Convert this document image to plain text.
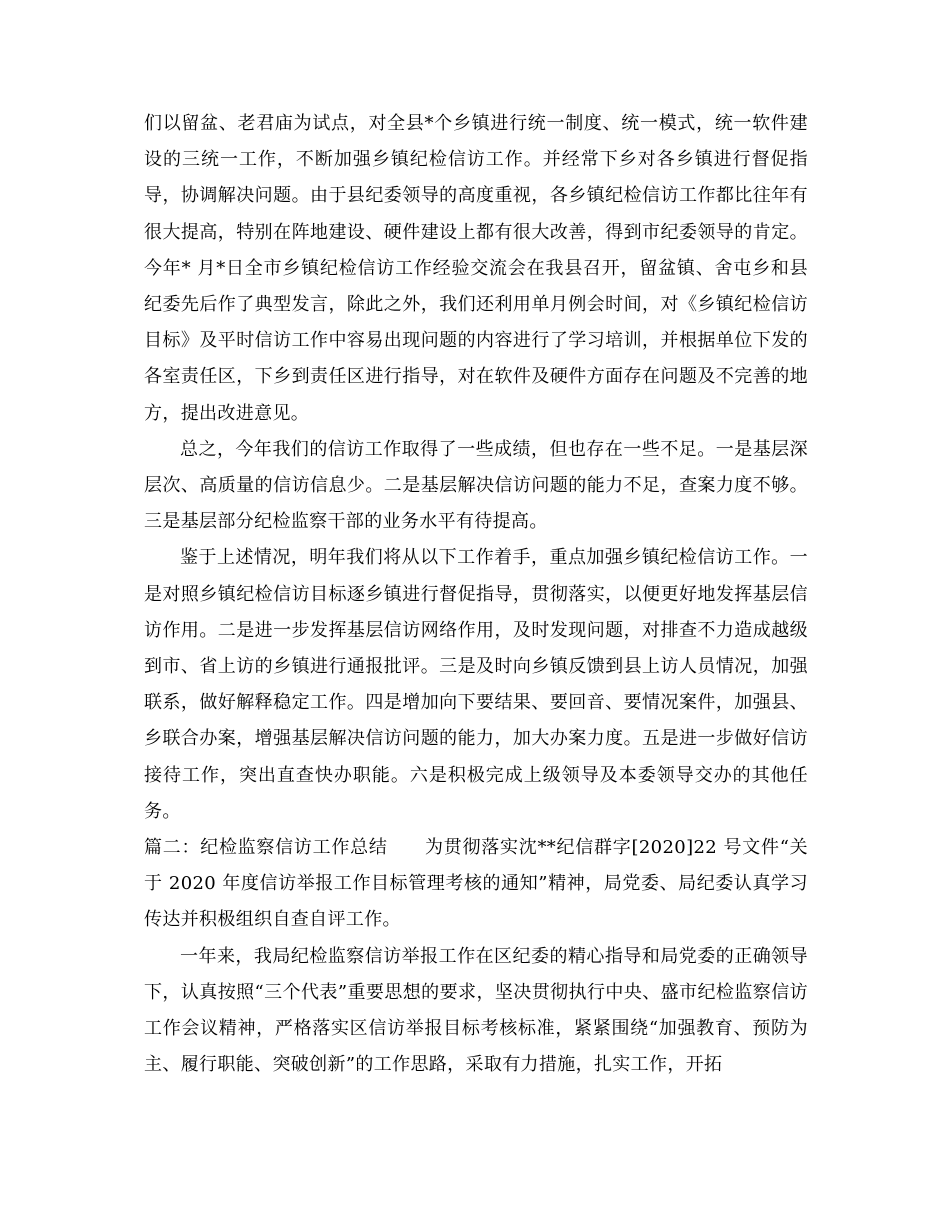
们以留盆、老君庙为试点，对全县*个乡镇进行统一制度、统一模式，统一软件建设的三统一工作，不断加强乡镇纪检信访工作。并经常下乡对各乡镇进行督促指导，协调解决问题。由于县纪委领导的高度重视，各乡镇纪检信访工作都比往年有很大提高，特别在阵地建设、硬件建设上都有很大改善，得到市纪委领导的肯定。今年* 月*日全市乡镇纪检信访工作经验交流会在我县召开，留盆镇、舍屯乡和县纪委先后作了典型发言，除此之外，我们还利用单月例会时间，对《乡镇纪检信访目标》及平时信访工作中容易出现问题的内容进行了学习培训，并根据单位下发的各室责任区，下乡到责任区进行指导，对在软件及硬件方面存在问题及不完善的地方，提出改进意见。

总之，今年我们的信访工作取得了一些成绩，但也存在一些不足。一是基层深层次、高质量的信访信息少。二是基层解决信访问题的能力不足，查案力度不够。三是基层部分纪检监察干部的业务水平有待提高。

鉴于上述情况，明年我们将从以下工作着手，重点加强乡镇纪检信访工作。一是对照乡镇纪检信访目标逐乡镇进行督促指导，贯彻落实，以便更好地发挥基层信访作用。二是进一步发挥基层信访网络作用，及时发现问题，对排查不力造成越级到市、省上访的乡镇进行通报批评。三是及时向乡镇反馈到县上访人员情况，加强联系，做好解释稳定工作。四是增加向下要结果、要回音、要情况案件，加强县、乡联合办案，增强基层解决信访问题的能力，加大办案力度。五是进一步做好信访接待工作，突出直查快办职能。六是积极完成上级领导及本委领导交办的其他任务。

篇二：纪检监察信访工作总结　　为贯彻落实沈**纪信群字[2020]22 号文件“关于 2020 年度信访举报工作目标管理考核的通知”精神，局党委、局纪委认真学习传达并积极组织自查自评工作。

一年来，我局纪检监察信访举报工作在区纪委的精心指导和局党委的正确领导下，认真按照“三个代表”重要思想的要求，坚决贯彻执行中央、盛市纪检监察信访工作会议精神，严格落实区信访举报目标考核标准，紧紧围绕“加强教育、预防为主、履行职能、突破创新”的工作思路，采取有力措施，扎实工作，开拓
